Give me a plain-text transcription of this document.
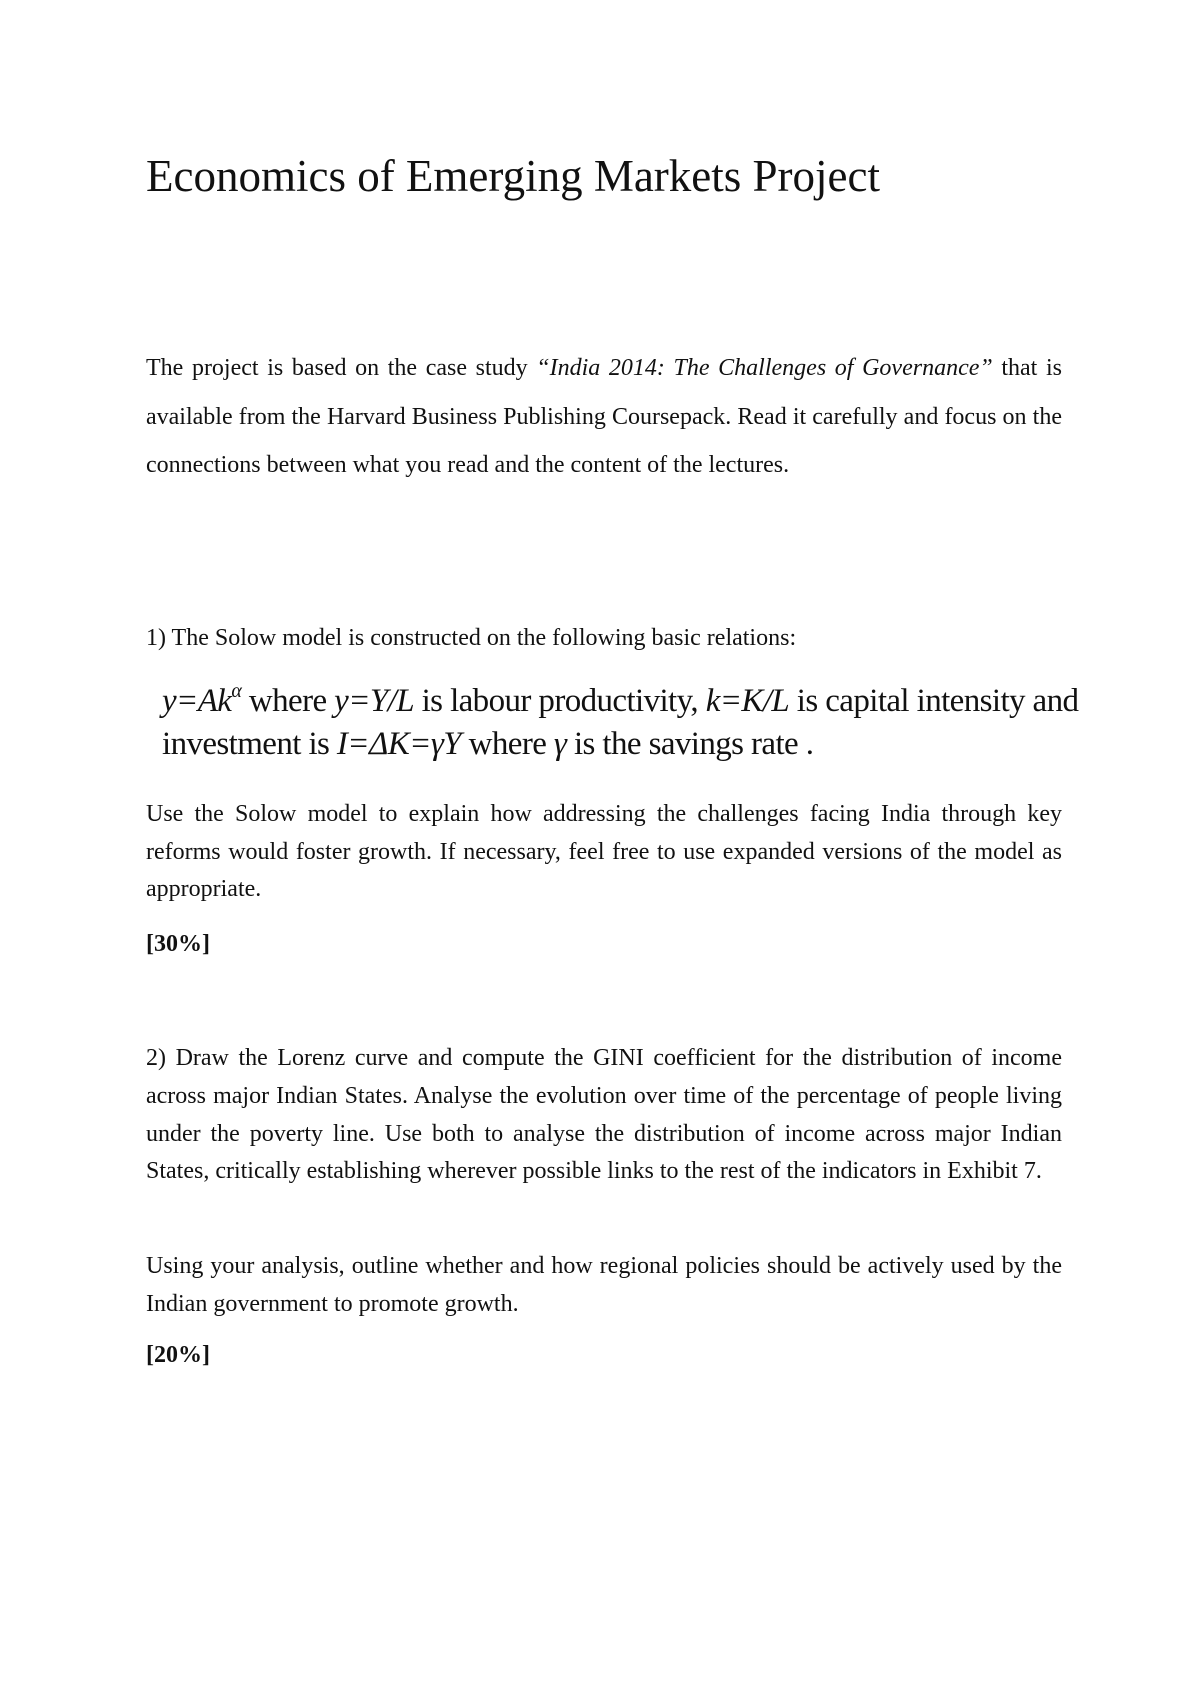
Economics of Emerging Markets Project

The project is based on the case study “India 2014: The Challenges of Governance” that is available from the Harvard Business Publishing Coursepack. Read it carefully and focus on the connections between what you read and the content of the lectures.

1) The Solow model is constructed on the following basic relations:

$y=Ak^\alpha$ where y=Y/L is labour productivity, k=K/L is capital intensity and
investment is I=ΔK=γY where γ is the savings rate .

Use the Solow model to explain how addressing the challenges facing India through key reforms would foster growth. If necessary, feel free to use expanded versions of the model as appropriate.

[30%]

2) Draw the Lorenz curve and compute the GINI coefficient for the distribution of income across major Indian States. Analyse the evolution over time of the percentage of people living under the poverty line. Use both to analyse the distribution of income across major Indian States, critically establishing wherever possible links to the rest of the indicators in Exhibit 7.

Using your analysis, outline whether and how regional policies should be actively used by the Indian government to promote growth.

[20%]
